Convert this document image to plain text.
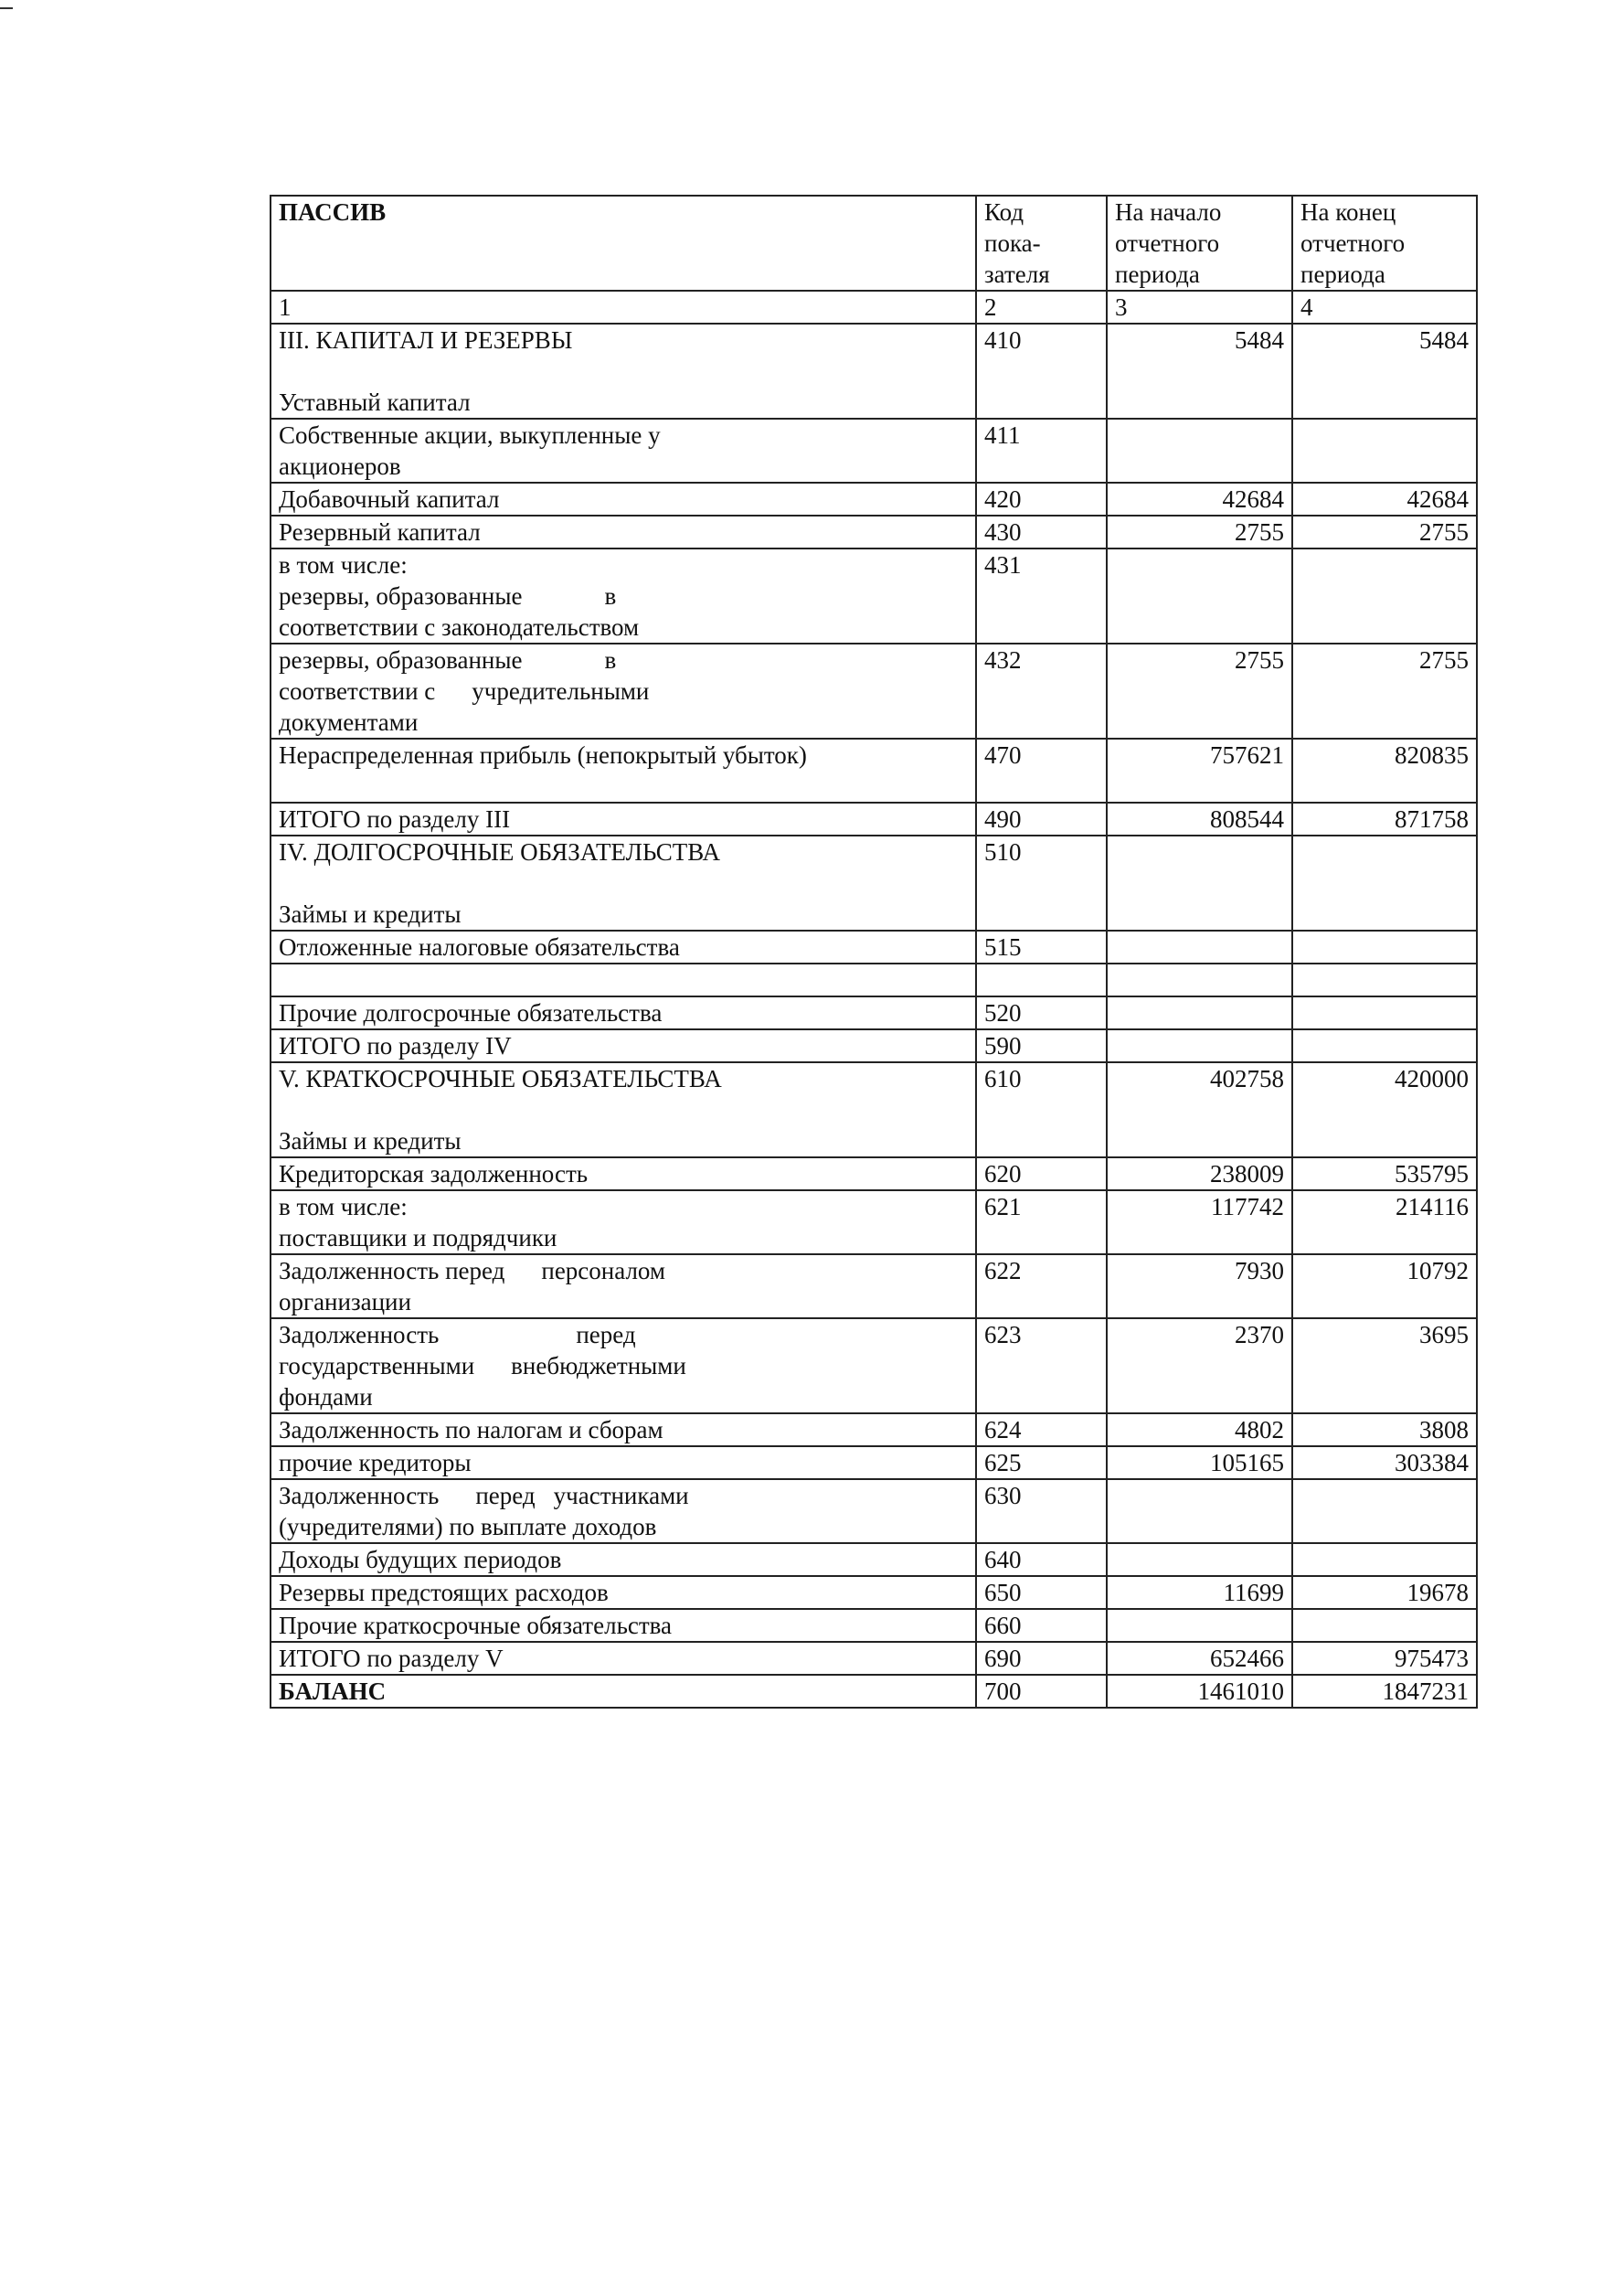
ПАССИВ	Код
пока-
зателя	На начало
отчетного
периода	На конец
отчетного
периода

1	2	3	4

III. КАПИТАЛ И РЕЗЕРВЫ

Уставный капитал	410	5484	5484

Собственные акции, выкупленные у
акционеров	411		
Добавочный капитал	420	42684	42684
Резервный капитал	430	2755	2755

в том числе:
резервы, образованные в
соответствии с законодательством	431		

резервы, образованные в
соответствии с учредительными
документами	432	2755	2755

Нераспределенная прибыль (непокрытый убыток)	470	757621	820835
ИТОГО по разделу III	490	808544	871758

IV. ДОЛГОСРОЧНЫЕ ОБЯЗАТЕЛЬСТВА

Займы и кредиты	510		
Отложенные налоговые обязательства	515		

Прочие долгосрочные обязательства	520		
ИТОГО по разделу IV	590		

V. КРАТКОСРОЧНЫЕ ОБЯЗАТЕЛЬСТВА

Займы и кредиты	610	402758	420000
Кредиторская задолженность	620	238009	535795

в том числе:
поставщики и подрядчики	621	117742	214116

Задолженность перед персоналом
организации	622	7930	10792

Задолженность перед
государственными внебюджетными
фондами	623	2370	3695
Задолженность по налогам и сборам	624	4802	3808
прочие кредиторы	625	105165	303384

Задолженность перед участниками
(учредителями) по выплате доходов	630		
Доходы будущих периодов	640		
Резервы предстоящих расходов	650	11699	19678
Прочие краткосрочные обязательства	660		
ИТОГО по разделу V	690	652466	975473
БАЛАНС	700	1461010	1847231
